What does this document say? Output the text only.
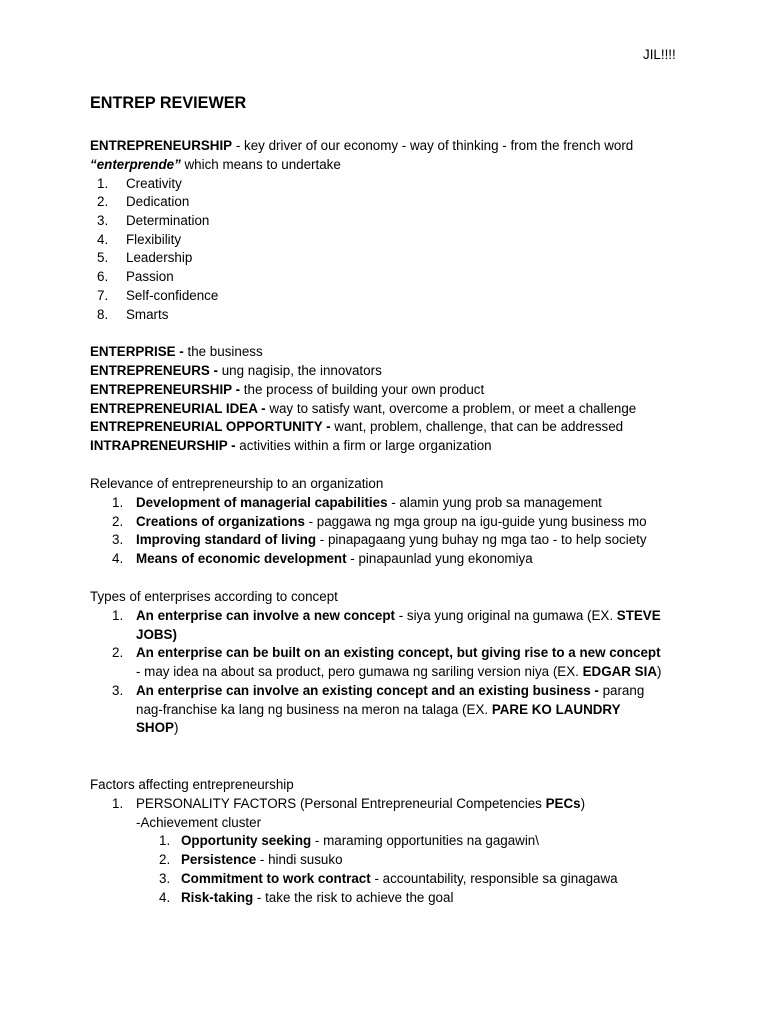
JIL!!!!
ENTREP REVIEWER
ENTREPRENEURSHIP - key driver of our economy - way of thinking - from the french word
“enterprende” which means to undertake
1. Creativity
2. Dedication
3. Determination
4. Flexibility
5. Leadership
6. Passion
7. Self-confidence
8. Smarts
ENTERPRISE - the business
ENTREPRENEURS - ung nagisip, the innovators
ENTREPRENEURSHIP - the process of building your own product
ENTREPRENEURIAL IDEA - way to satisfy want, overcome a problem, or meet a challenge
ENTREPRENEURIAL OPPORTUNITY - want, problem, challenge, that can be addressed
INTRAPRENEURSHIP - activities within a firm or large organization
Relevance of entrepreneurship to an organization
1. Development of managerial capabilities - alamin yung prob sa management
2. Creations of organizations - paggawa ng mga group na igu-guide yung business mo
3. Improving standard of living - pinapagaang yung buhay ng mga tao - to help society
4. Means of economic development - pinapaunlad yung ekonomiya
Types of enterprises according to concept
1. An enterprise can involve a new concept - siya yung original na gumawa (EX. STEVE
JOBS)
2. An enterprise can be built on an existing concept, but giving rise to a new concept
- may idea na about sa product, pero gumawa ng sariling version niya (EX. EDGAR SIA)
3. An enterprise can involve an existing concept and an existing business - parang
nag-franchise ka lang ng business na meron na talaga (EX. PARE KO LAUNDRY
SHOP)
Factors affecting entrepreneurship
1. PERSONALITY FACTORS (Personal Entrepreneurial Competencies PECs)
-Achievement cluster
1. Opportunity seeking - maraming opportunities na gagawin\
2. Persistence - hindi susuko
3. Commitment to work contract - accountability, responsible sa ginagawa
4. Risk-taking - take the risk to achieve the goal
